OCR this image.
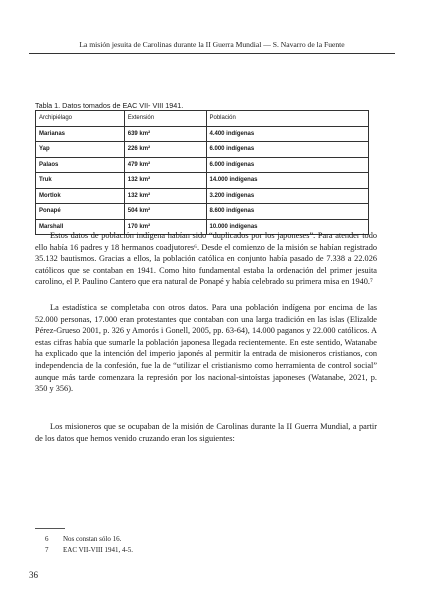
La misión jesuita de Carolinas durante la II Guerra Mundial — S. Navarro de la Fuente
Tabla 1. Datos tomados de EAC VII- VIII 1941.
Archipiélago	Extensión	Población
Marianas	639 km²	4.400 indígenas
Yap	226 km²	6.000 indígenas
Palaos	479 km²	6.000 indígenas
Truk	132 km²	14.000 indígenas
Mortlok	132 km²	3.200 indígenas
Ponapé	504 km²	8.600 indígenas
Marshall	170 km²	10.000 indígenas

Estos datos de población indígena habían sido “duplicados por los japoneses”. Para atender todo ello había 16 padres y 18 hermanos coadjutores⁶. Desde el comienzo de la misión se habían registrado 35.132 bautismos. Gracias a ellos, la población católica en conjunto había pasado de 7.338 a 22.026 católicos que se contaban en 1941. Como hito fundamental estaba la ordenación del primer jesuita carolino, el P. Paulino Cantero que era natural de Ponapé y había celebrado su primera misa en 1940.⁷

La estadística se completaba con otros datos. Para una población indígena por encima de las 52.000 personas, 17.000 eran protestantes que contaban con una larga tradición en las islas (Elizalde Pérez-Grueso 2001, p. 326 y Amorós i Gonell, 2005, pp. 63-64), 14.000 paganos y 22.000 católicos. A estas cifras había que sumarle la población japonesa llegada recientemente. En este sentido, Watanabe ha explicado que la intención del imperio japonés al permitir la entrada de misioneros cristianos, con independencia de la confesión, fue la de “utilizar el cristianismo como herramienta de control social” aunque más tarde comenzara la represión por los nacional-sintoístas japoneses (Watanabe, 2021, p. 350 y 356).

Los misioneros que se ocupaban de la misión de Carolinas durante la II Guerra Mundial, a partir de los datos que hemos venido cruzando eran los siguientes:

6 Nos constan sólo 16.
7 EAC VII-VIII 1941, 4-5.
36
